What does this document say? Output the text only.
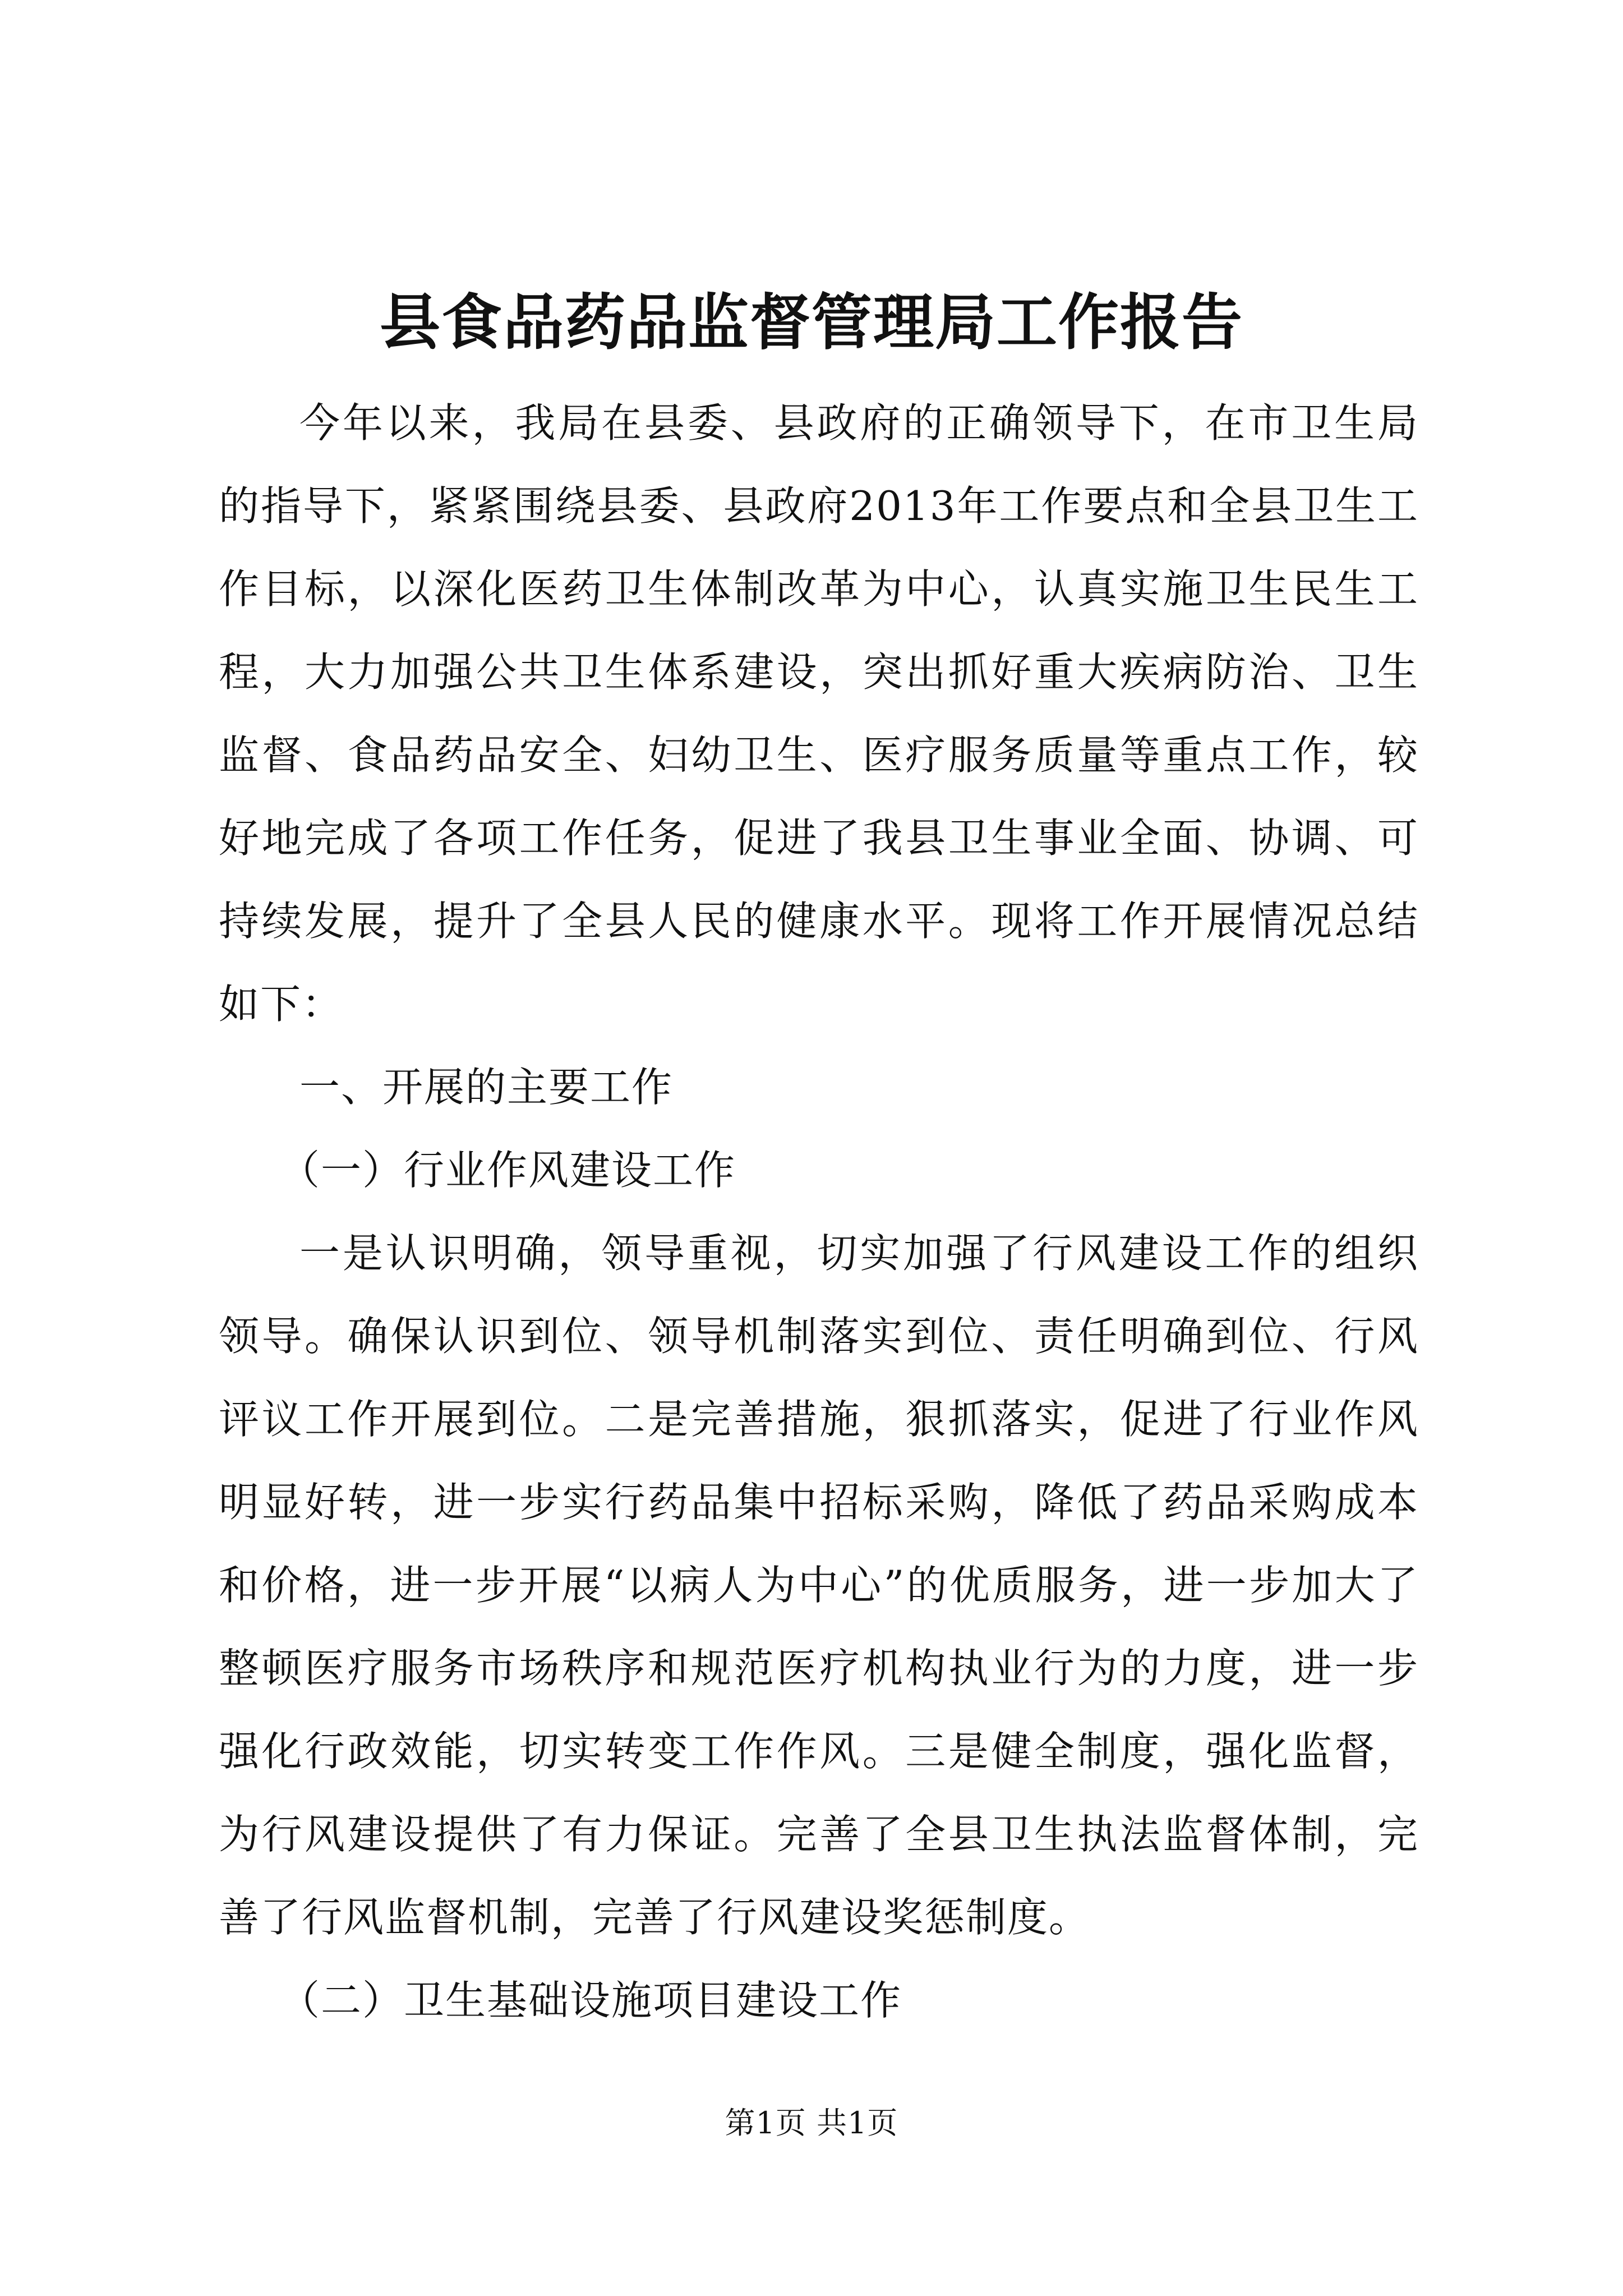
县食品药品监督管理局工作报告

今年以来，我局在县委、县政府的正确领导下，在市卫生局的指导下，紧紧围绕县委、县政府2013年工作要点和全县卫生工作目标，以深化医药卫生体制改革为中心，认真实施卫生民生工程，大力加强公共卫生体系建设，突出抓好重大疾病防治、卫生监督、食品药品安全、妇幼卫生、医疗服务质量等重点工作，较好地完成了各项工作任务，促进了我县卫生事业全面、协调、可持续发展，提升了全县人民的健康水平。现将工作开展情况总结如下：

一、开展的主要工作

（一）行业作风建设工作

一是认识明确，领导重视，切实加强了行风建设工作的组织领导。确保认识到位、领导机制落实到位、责任明确到位、行风评议工作开展到位。二是完善措施，狠抓落实，促进了行业作风明显好转，进一步实行药品集中招标采购，降低了药品采购成本和价格，进一步开展“以病人为中心”的优质服务，进一步加大了整顿医疗服务市场秩序和规范医疗机构执业行为的力度，进一步强化行政效能，切实转变工作作风。三是健全制度，强化监督，为行风建设提供了有力保证。完善了全县卫生执法监督体制，完善了行风监督机制，完善了行风建设奖惩制度。

（二）卫生基础设施项目建设工作

第1页 共1页
